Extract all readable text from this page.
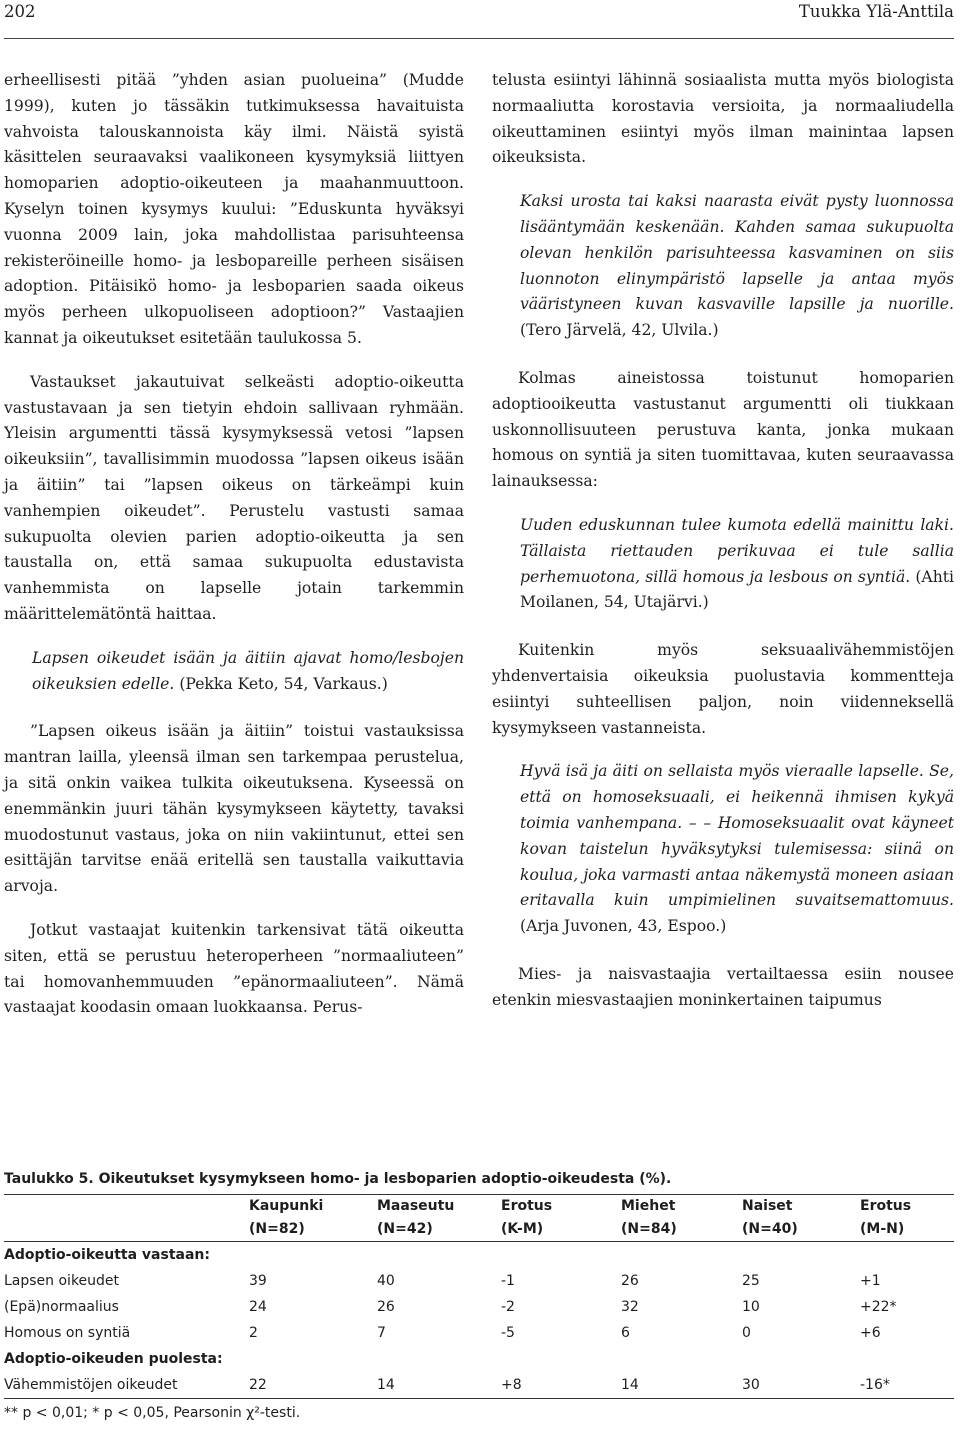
202	Tuukka Ylä-Anttila

erheellisesti pitää ”yhden asian puolueina” (Mudde 1999), kuten jo tässäkin tutkimuksessa havaituista vahvoista talouskannoista käy ilmi. Näistä syistä käsittelen seuraavaksi vaalikoneen kysymyksiä liittyen homoparien adoptio-oikeuteen ja maahanmuuttoon. Kyselyn toinen kysymys kuului: ”Eduskunta hyväksyi vuonna 2009 lain, joka mahdollistaa parisuhteensa rekisteröineille homo- ja lesbopareille perheen sisäisen adoption. Pitäisikö homo- ja lesboparien saada oikeus myös perheen ulkopuoliseen adoptioon?” Vastaajien kannat ja oikeutukset esitetään taulukossa 5.

Vastaukset jakautuivat selkeästi adoptio-oikeutta vastustavaan ja sen tietyin ehdoin sallivaan ryhmään. Yleisin argumentti tässä kysymyksessä vetosi ”lapsen oikeuksiin”, tavallisimmin muodossa ”lapsen oikeus isään ja äitiin” tai ”lapsen oikeus on tärkeämpi kuin vanhempien oikeudet”. Perustelu vastusti samaa sukupuolta olevien parien adoptio-oikeutta ja sen taustalla on, että samaa sukupuolta edustavista vanhemmista on lapselle jotain tarkemmin määrittelemätöntä haittaa.

Lapsen oikeudet isään ja äitiin ajavat homo/lesbojen oikeuksien edelle. (Pekka Keto, 54, Varkaus.)

”Lapsen oikeus isään ja äitiin” toistui vastauksissa mantran lailla, yleensä ilman sen tarkempaa perustelua, ja sitä onkin vaikea tulkita oikeutuksena. Kyseessä on enemmänkin juuri tähän kysymykseen käytetty, tavaksi muodostunut vastaus, joka on niin vakiintunut, ettei sen esittäjän tarvitse enää eritellä sen taustalla vaikuttavia arvoja.

Jotkut vastaajat kuitenkin tarkensivat tätä oikeutta siten, että se perustuu heteroperheen ”normaaliuteen” tai homovanhemmuuden ”epänormaaliuteen”. Nämä vastaajat koodasin omaan luokkaansa. Perus-

telusta esiintyi lähinnä sosiaalista mutta myös biologista normaaliutta korostavia versioita, ja normaaliudella oikeuttaminen esiintyi myös ilman mainintaa lapsen oikeuksista.

Kaksi urosta tai kaksi naarasta eivät pysty luonnossa lisääntymään keskenään. Kahden samaa sukupuolta olevan henkilön parisuhteessa kasvaminen on siis luonnoton elinympäristö lapselle ja antaa myös vääristyneen kuvan kasvaville lapsille ja nuorille. (Tero Järvelä, 42, Ulvila.)

Kolmas aineistossa toistunut homoparien adoptiooikeutta vastustanut argumentti oli tiukkaan uskonnollisuuteen perustuva kanta, jonka mukaan homous on syntiä ja siten tuomittavaa, kuten seuraavassa lainauksessa:

Uuden eduskunnan tulee kumota edellä mainittu laki. Tällaista riettauden perikuvaa ei tule sallia perhemuotona, sillä homous ja lesbous on syntiä. (Ahti Moilanen, 54, Utajärvi.)

Kuitenkin myös seksuaalivähemmistöjen yhdenvertaisia oikeuksia puolustavia kommentteja esiintyi suhteellisen paljon, noin viidenneksellä kysymykseen vastanneista.

Hyvä isä ja äiti on sellaista myös vieraalle lapselle. Se, että on homoseksuaali, ei heikennä ihmisen kykyä toimia vanhempana. – – Homoseksuaalit ovat käyneet kovan taistelun hyväksytyksi tulemisessa: siinä on koulua, joka varmasti antaa näkemystä moneen asiaan eritavalla kuin umpimielinen suvaitsemattomuus. (Arja Juvonen, 43, Espoo.)

Mies- ja naisvastaajia vertailtaessa esiin nousee etenkin miesvastaajien moninkertainen taipumus

Taulukko 5. Oikeutukset kysymykseen homo- ja lesboparien adoptio-oikeudesta (%).
	Kaupunki	Maaseutu	Erotus	Miehet	Naiset	Erotus
	(N=82)	(N=42)	(K-M)	(N=84)	(N=40)	(M-N)
Adoptio-oikeutta vastaan:						
Lapsen oikeudet	39	40	-1	26	25	+1
(Epä)normaalius	24	26	-2	32	10	+22*
Homous on syntiä	2	7	-5	6	0	+6
Adoptio-oikeuden puolesta:						
Vähemmistöjen oikeudet	22	14	+8	14	30	-16*
** p < 0,01; * p < 0,05, Pearsonin χ²-testi.
